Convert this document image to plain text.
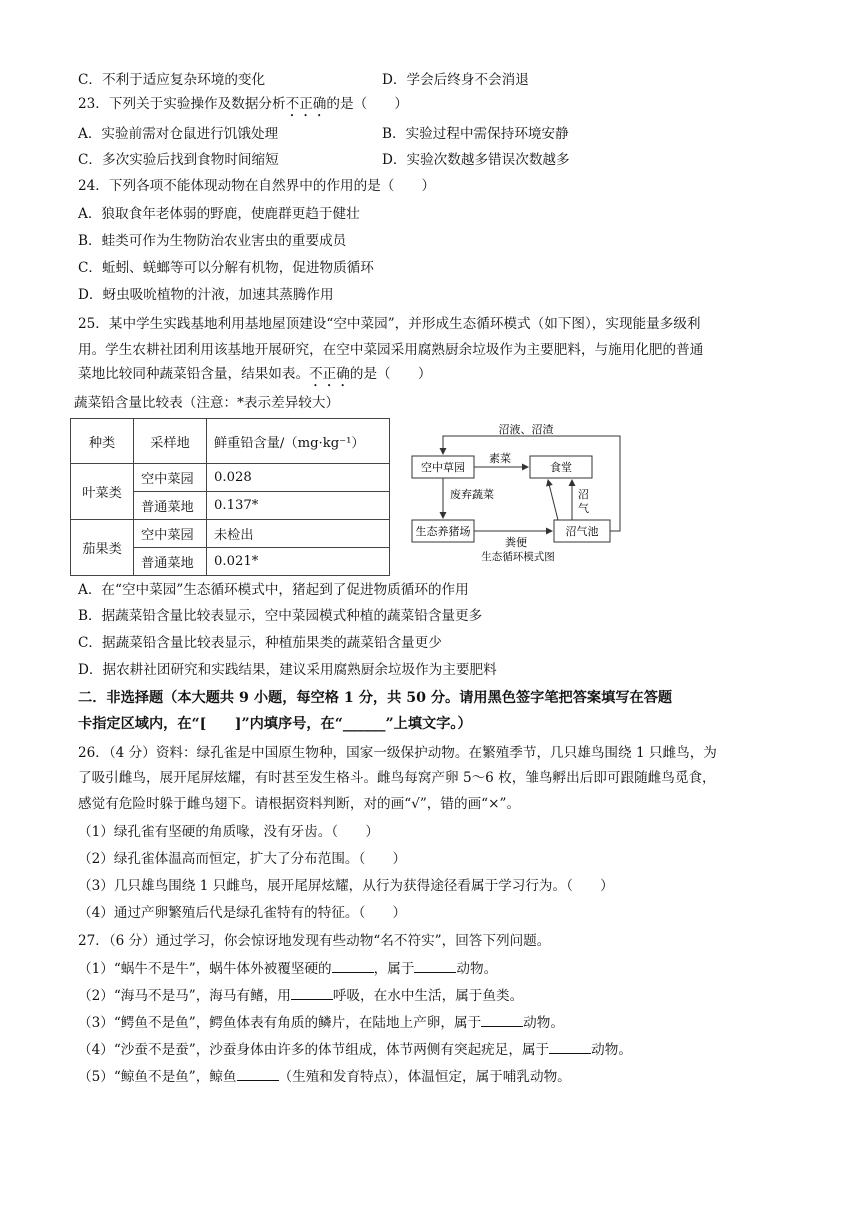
C．不利于适应复杂环境的变化	D．学会后终身不会消退
23．下列关于实验操作及数据分析不正确的是（　　）
A．实验前需对仓鼠进行饥饿处理	B．实验过程中需保持环境安静
C．多次实验后找到食物时间缩短	D．实验次数越多错误次数越多
24．下列各项不能体现动物在自然界中的作用的是（　　）
A．狼取食年老体弱的野鹿，使鹿群更趋于健壮
B．蛙类可作为生物防治农业害虫的重要成员
C．蚯蚓、蜣螂等可以分解有机物，促进物质循环
D．蚜虫吸吮植物的汁液，加速其蒸腾作用
25．某中学生实践基地利用基地屋顶建设“空中菜园”，并形成生态循环模式（如下图），实现能量多级利
用。学生农耕社团利用该基地开展研究，在空中菜园采用腐熟厨余垃圾作为主要肥料，与施用化肥的普通
菜地比较同种蔬菜铅含量，结果如表。不正确的是（　　）
蔬菜铅含量比较表（注意：*表示差异较大）
种类	采样地	鲜重铅含量/（mg·kg⁻¹）
叶菜类	空中菜园	0.028
	普通菜地	0.137*
茄果类	空中菜园	未检出
	普通菜地	0.021*
空中草园	食堂
生态养猪场	沼气池
沼液、沼渣
素菜
废弃蔬菜
粪便
沼
气
生态循环模式图
A．在“空中菜园”生态循环模式中，猪起到了促进物质循环的作用
B．据蔬菜铅含量比较表显示，空中菜园模式种植的蔬菜铅含量更多
C．据蔬菜铅含量比较表显示，种植茄果类的蔬菜铅含量更少
D．据农耕社团研究和实践结果，建议采用腐熟厨余垃圾作为主要肥料
二．非选择题（本大题共 9 小题，每空格 1 分，共 50 分。请用黑色签字笔把答案填写在答题
卡指定区域内，在“[　　]”内填序号，在“______”上填文字。）
26．（4 分）资料：绿孔雀是中国原生物种，国家一级保护动物。在繁殖季节，几只雄鸟围绕 1 只雌鸟，为
了吸引雌鸟，展开尾屏炫耀，有时甚至发生格斗。雌鸟每窝产卵 5～6 枚，雏鸟孵出后即可跟随雌鸟觅食，
感觉有危险时躲于雌鸟翅下。请根据资料判断，对的画“√”，错的画“×”。
（1）绿孔雀有坚硬的角质喙，没有牙齿。（　　）
（2）绿孔雀体温高而恒定，扩大了分布范围。（　　）
（3）几只雄鸟围绕 1 只雌鸟，展开尾屏炫耀，从行为获得途径看属于学习行为。（　　）
（4）通过产卵繁殖后代是绿孔雀特有的特征。（　　）
27．（6 分）通过学习，你会惊讶地发现有些动物“名不符实”，回答下列问题。
（1）“蜗牛不是牛”，蜗牛体外被覆坚硬的	，属于	动物。
（2）“海马不是马”，海马有鳍，用	呼吸，在水中生活，属于鱼类。
（3）“鳄鱼不是鱼”，鳄鱼体表有角质的鳞片，在陆地上产卵，属于	动物。
（4）“沙蚕不是蚕”，沙蚕身体由许多的体节组成，体节两侧有突起疣足，属于	动物。
（5）“鲸鱼不是鱼”，鲸鱼	（生殖和发育特点），体温恒定，属于哺乳动物。
